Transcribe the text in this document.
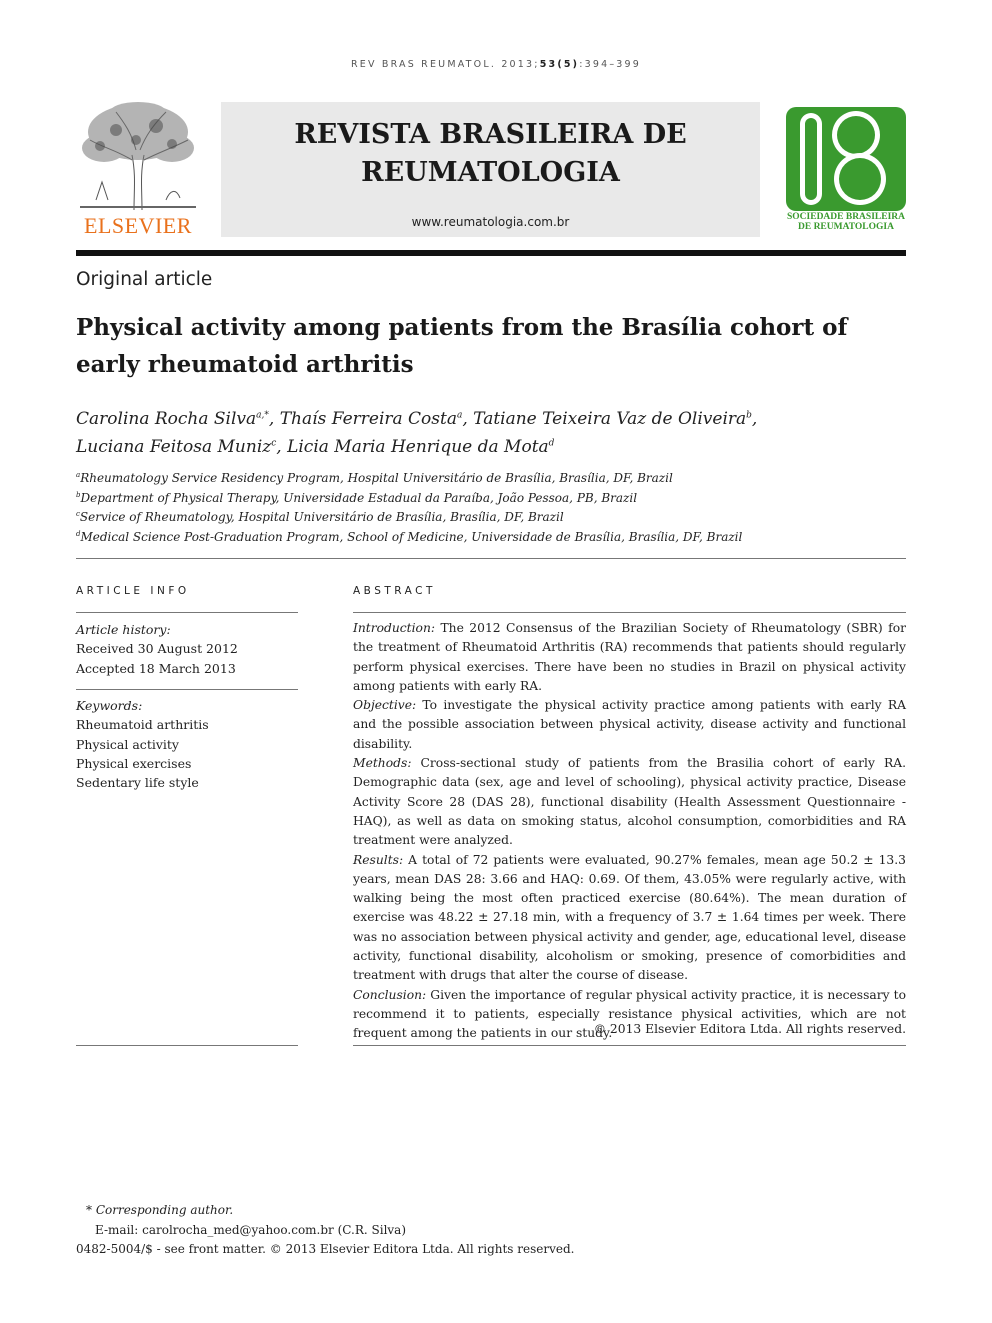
REV BRAS REUMATOL. 2013;53(5):394–399
ELSEVIER
REVISTA BRASILEIRA DE
REUMATOLOGIA
www.reumatologia.com.br	SOCIEDADE BRASILEIRA
DE REUMATOLOGIA
Original article
Physical activity among patients from the Brasília cohort of
early rheumatoid arthritis
Carolina Rocha Silva$^{a,*}$, Thaís Ferreira Costa$^a$, Tatiane Teixeira Vaz de Oliveira$^b$,
Luciana Feitosa Muniz$^c$, Licia Maria Henrique da Mota$^d$
$^a$Rheumatology Service Residency Program, Hospital Universitário de Brasília, Brasília, DF, Brazil
$^b$Department of Physical Therapy, Universidade Estadual da Paraíba, João Pessoa, PB, Brazil
$^c$Service of Rheumatology, Hospital Universitário de Brasília, Brasília, DF, Brazil
$^d$Medical Science Post-Graduation Program, School of Medicine, Universidade de Brasília, Brasília, DF, Brazil
ARTICLE INFO
Article history:
Received 30 August 2012
Accepted 18 March 2013
Keywords:
Rheumatoid arthritis
Physical activity
Physical exercises
Sedentary life style
ABSTRACT

Introduction: The 2012 Consensus of the Brazilian Society of Rheumatology (SBR) for the treatment of Rheumatoid Arthritis (RA) recommends that patients should regularly perform physical exercises. There have been no studies in Brazil on physical activity among patients with early RA.

Objective: To investigate the physical activity practice among patients with early RA and the possible association between physical activity, disease activity and functional disability.

Methods: Cross-sectional study of patients from the Brasilia cohort of early RA. Demographic data (sex, age and level of schooling), physical activity practice, Disease Activity Score 28 (DAS 28), functional disability (Health Assessment Questionnaire - HAQ), as well as data on smoking status, alcohol consumption, comorbidities and RA treatment were analyzed.

Results: A total of 72 patients were evaluated, 90.27% females, mean age 50.2 ± 13.3 years, mean DAS 28: 3.66 and HAQ: 0.69. Of them, 43.05% were regularly active, with walking being the most often practiced exercise (80.64%). The mean duration of exercise was 48.22 ± 27.18 min, with a frequency of 3.7 ± 1.64 times per week. There was no association between physical activity and gender, age, educational level, disease activity, functional disability, alcoholism or smoking, presence of comorbidities and treatment with drugs that alter the course of disease.

Conclusion: Given the importance of regular physical activity practice, it is necessary to recommend it to patients, especially resistance physical activities, which are not frequent among the patients in our study.

© 2013 Elsevier Editora Ltda. All rights reserved.
* Corresponding author.
E-mail: carolrocha_med@yahoo.com.br (C.R. Silva)
0482-5004/$ - see front matter. © 2013 Elsevier Editora Ltda. All rights reserved.
